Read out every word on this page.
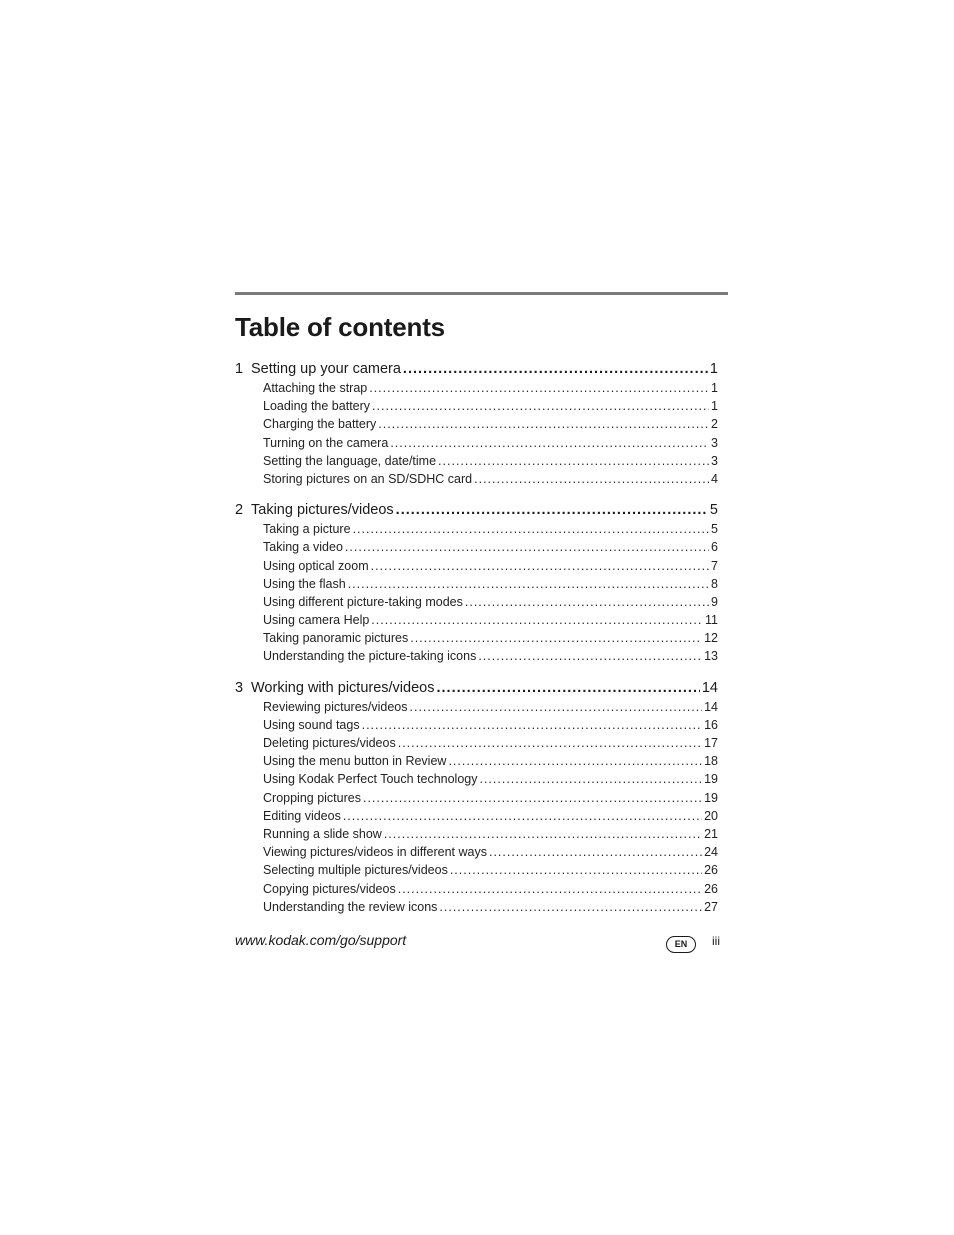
Table of contents
1 Setting up your camera .....	1
Attaching the strap .....	1
Loading the battery .....	1
Charging the battery .....	2
Turning on the camera .....	3
Setting the language, date/time .....	3
Storing pictures on an SD/SDHC card .....	4
2 Taking pictures/videos .....	5
Taking a picture .....	5
Taking a video .....	6
Using optical zoom .....	7
Using the flash .....	8
Using different picture-taking modes .....	9
Using camera Help .....	11
Taking panoramic pictures .....	12
Understanding the picture-taking icons .....	13
3 Working with pictures/videos .....	14
Reviewing pictures/videos .....	14
Using sound tags .....	16
Deleting pictures/videos .....	17
Using the menu button in Review .....	18
Using Kodak Perfect Touch technology .....	19
Cropping pictures .....	19
Editing videos .....	20
Running a slide show .....	21
Viewing pictures/videos in different ways .....	24
Selecting multiple pictures/videos .....	26
Copying pictures/videos .....	26
Understanding the review icons .....	27
www.kodak.com/go/support	EN	iii
